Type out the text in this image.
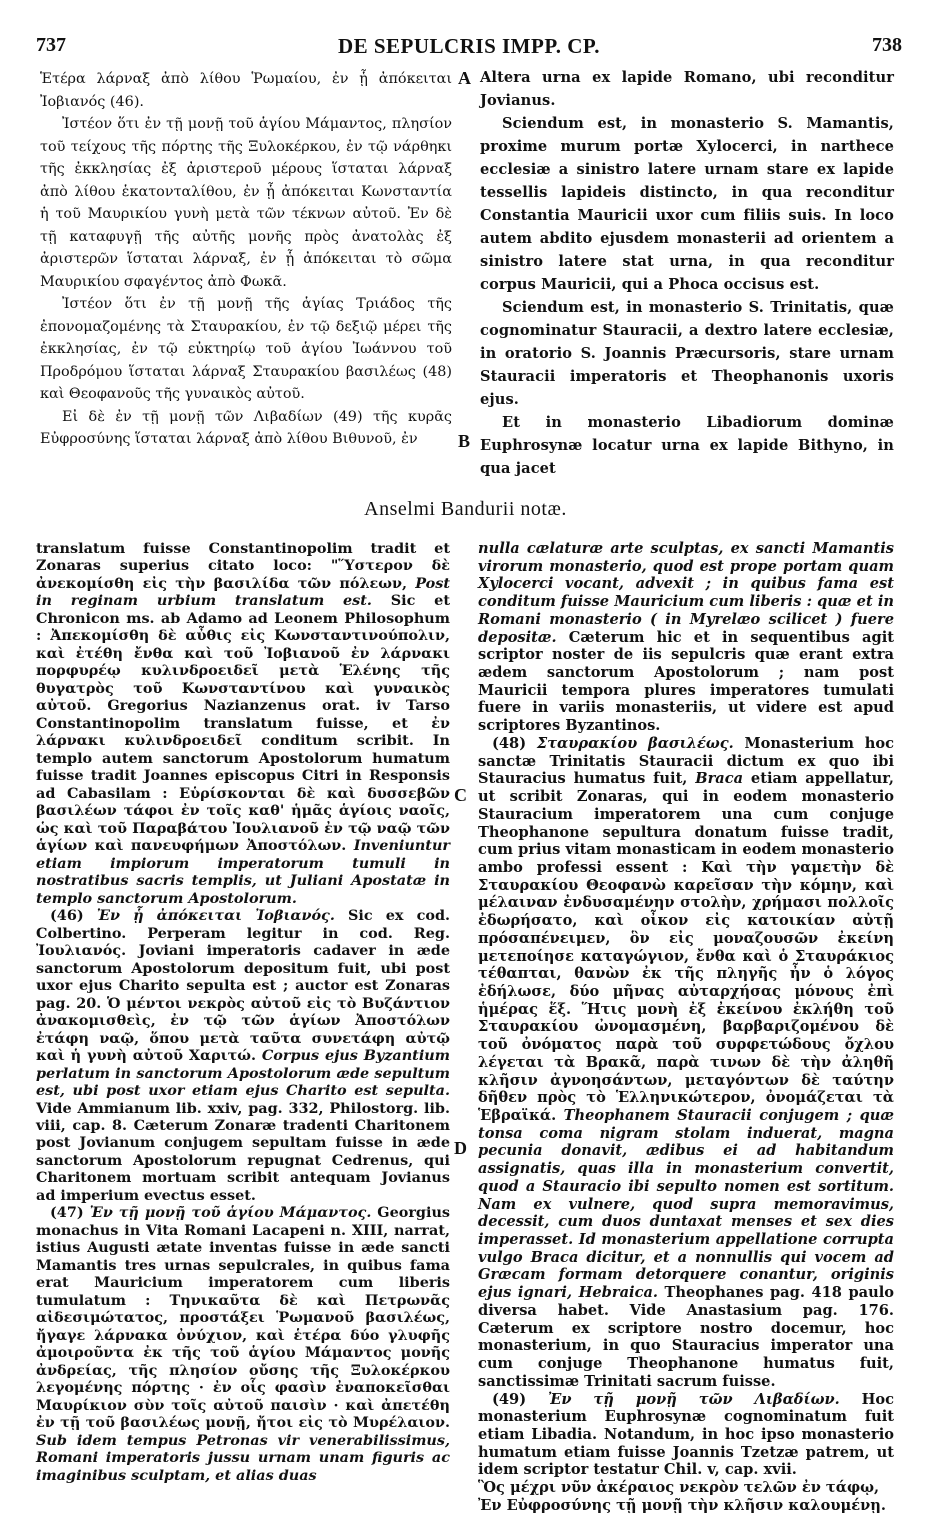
737	DE SEPULCRIS IMPP. CP.	738

Ἑτέρα λάρναξ ἀπὸ λίθου Ῥωμαίου, ἐν ᾗ ἀπόκειται Ἰοβιανός (46).

Ἰστέον ὅτι ἐν τῇ μονῇ τοῦ ἁγίου Μάμαντος, πλησίον τοῦ τείχους τῆς πόρτης τῆς Ξυλοκέρκου, ἐν τῷ νάρθηκι τῆς ἐκκλησίας ἐξ ἀριστεροῦ μέρους ἵσταται λάρναξ ἀπὸ λίθου ἑκατονταλίθου, ἐν ᾗ ἀπόκειται Κωνσταντία ἡ τοῦ Μαυρικίου γυνὴ μετὰ τῶν τέκνων αὐτοῦ. Ἐν δὲ τῇ καταφυγῇ τῆς αὐτῆς μονῆς πρὸς ἀνατολὰς ἐξ ἀριστερῶν ἵσταται λάρναξ, ἐν ᾗ ἀπόκειται τὸ σῶμα Μαυρικίου σφαγέντος ἀπὸ Φωκᾶ.

Ἰστέον ὅτι ἐν τῇ μονῇ τῆς ἁγίας Τριάδος τῆς ἐπονομαζομένης τὰ Σταυρακίου, ἐν τῷ δεξιῷ μέρει τῆς ἐκκλησίας, ἐν τῷ εὐκτηρίῳ τοῦ ἁγίου Ἰωάννου τοῦ Προδρόμου ἵσταται λάρναξ Σταυρακίου βασιλέως (48) καὶ Θεοφανοῦς τῆς γυναικὸς αὐτοῦ.

Εἰ δὲ ἐν τῇ μονῇ τῶν Λιβαδίων (49) τῆς κυρᾶς Εὐφροσύνης ἵσταται λάρναξ ἀπὸ λίθου Βιθυνοῦ, ἐν

Altera urna ex lapide Romano, ubi reconditur Jovianus.

Sciendum est, in monasterio S. Mamantis, proxime murum portæ Xylocerci, in narthece ecclesiæ a sinistro latere urnam stare ex lapide tessellis lapideis distincto, in qua reconditur Constantia Mauricii uxor cum filiis suis. In loco autem abdito ejusdem monasterii ad orientem a sinistro latere stat urna, in qua reconditur corpus Mauricii, qui a Phoca occisus est.

Sciendum est, in monasterio S. Trinitatis, quæ cognominatur Stauracii, a dextro latere ecclesiæ, in oratorio S. Joannis Præcursoris, stare urnam Stauracii imperatoris et Theophanonis uxoris ejus.

Et in monasterio Libadiorum dominæ Euphrosynæ locatur urna ex lapide Bithyno, in qua jacet

A
B
C
D
Anselmi Bandurii notæ.

translatum fuisse Constantinopolim tradit et Zonaras superius citato loco: "Ὕστερον δὲ ἀνεκομίσθη εἰς τὴν βασιλίδα τῶν πόλεων, Post in reginam urbium translatum est. Sic et Chronicon ms. ab Adamo ad Leonem Philosophum : Ἀπεκομίσθη δὲ αὖθις εἰς Κωνσταντινούπολιν, καὶ ἐτέθη ἔνθα καὶ τοῦ Ἰοβιανοῦ ἐν λάρνακι πορφυρέῳ κυλινδροειδεῖ μετὰ Ἑλένης τῆς θυγατρὸς τοῦ Κωνσταντίνου καὶ γυναικὸς αὐτοῦ. Gregorius Nazianzenus orat. iv Tarso Constantinopolim translatum fuisse, et ἐν λάρνακι κυλινδροειδεῖ conditum scribit. In templo autem sanctorum Apostolorum humatum fuisse tradit Joannes episcopus Citri in Responsis ad Cabasilam : Εὑρίσκονται δὲ καὶ δυσσεβῶν βασιλέων τάφοι ἐν τοῖς καθ' ἡμᾶς ἁγίοις ναοῖς, ὡς καὶ τοῦ Παραβάτου Ἰουλιανοῦ ἐν τῷ ναῷ τῶν ἁγίων καὶ πανευφήμων Ἀποστόλων. Inveniuntur etiam impiorum imperatorum tumuli in nostratibus sacris templis, ut Juliani Apostatæ in templo sanctorum Apostolorum.

(46) Ἐν ᾗ ἀπόκειται Ἰοβιανός. Sic ex cod. Colbertino. Perperam legitur in cod. Reg. Ἰουλιανός. Joviani imperatoris cadaver in æde sanctorum Apostolorum depositum fuit, ubi post uxor ejus Charito sepulta est ; auctor est Zonaras pag. 20. Ὁ μέντοι νεκρὸς αὐτοῦ εἰς τὸ Βυζάντιον ἀνακομισθεὶς, ἐν τῷ τῶν ἁγίων Ἀποστόλων ἐτάφη ναῷ, ὅπου μετὰ ταῦτα συνετάφη αὐτῷ καὶ ἡ γυνὴ αὐτοῦ Χαριτώ. Corpus ejus Byzantium perlatum in sanctorum Apostolorum æde sepultum est, ubi post uxor etiam ejus Charito est sepulta. Vide Ammianum lib. xxiv, pag. 332, Philostorg. lib. viii, cap. 8. Cæterum Zonaræ tradenti Charitonem post Jovianum conjugem sepultam fuisse in æde sanctorum Apostolorum repugnat Cedrenus, qui Charitonem mortuam scribit antequam Jovianus ad imperium evectus esset.

(47) Ἐν τῇ μονῇ τοῦ ἁγίου Μάμαντος. Georgius monachus in Vita Romani Lacapeni n. XIII, narrat, istius Augusti ætate inventas fuisse in æde sancti Mamantis tres urnas sepulcrales, in quibus fama erat Mauricium imperatorem cum liberis tumulatum : Τηνικαῦτα δὲ καὶ Πετρωνᾶς αἰδεσιμώτατος, προστάξει Ῥωμανοῦ βασιλέως, ἤγαγε λάρνακα ὀνύχιον, καὶ ἑτέρα δύο γλυφῆς ἀμοιροῦντα ἐκ τῆς τοῦ ἁγίου Μάμαντος μονῆς ἀνδρείας, τῆς πλησίον οὔσης τῆς Ξυλοκέρκου λεγομένης πόρτης · ἐν οἷς φασὶν ἐναποκεῖσθαι Μαυρίκιον σὺν τοῖς αὐτοῦ παισὶν · καὶ ἀπετέθη ἐν τῇ τοῦ βασιλέως μονῇ, ἤτοι εἰς τὸ Μυρέλαιον. Sub idem tempus Petronas vir venerabilissimus, Romani imperatoris jussu urnam unam figuris ac imaginibus sculptam, et alias duas

nulla cælaturæ arte sculptas, ex sancti Mamantis virorum monasterio, quod est prope portam quam Xylocerci vocant, advexit ; in quibus fama est conditum fuisse Mauricium cum liberis : quæ et in Romani monasterio ( in Myrelæo scilicet ) fuere depositæ. Cæterum hic et in sequentibus agit scriptor noster de iis sepulcris quæ erant extra ædem sanctorum Apostolorum ; nam post Mauricii tempora plures imperatores tumulati fuere in variis monasteriis, ut videre est apud scriptores Byzantinos.

(48) Σταυρακίου βασιλέως. Monasterium hoc sanctæ Trinitatis Stauracii dictum ex quo ibi Stauracius humatus fuit, Braca etiam appellatur, ut scribit Zonaras, qui in eodem monasterio Stauracium imperatorem una cum conjuge Theophanone sepultura donatum fuisse tradit, cum prius vitam monasticam in eodem monasterio ambo professi essent : Καὶ τὴν γαμετὴν δὲ Σταυρακίου Θεοφανὼ καρεῖσαν τὴν κόμην, καὶ μέλαιναν ἐνδυσαμένην στολὴν, χρήμασι πολλοῖς ἐδωρήσατο, καὶ οἶκον εἰς κατοικίαν αὐτῇ πρόσαπένειμεν, ὃν εἰς μοναζουσῶν ἐκείνη μετεποίησε καταγώγιον, ἔνθα καὶ ὁ Σταυράκιος τέθαπται, θανὼν ἐκ τῆς πληγῆς ἦν ὁ λόγος ἐδήλωσε, δύο μῆνας αὐταρχήσας μόνους ἐπὶ ἡμέρας ἕξ. Ἥτις μονὴ ἐξ ἐκείνου ἐκλήθη τοῦ Σταυρακίου ὠνομασμένη, βαρβαριζομένου δὲ τοῦ ὀνόματος παρὰ τοῦ συρφετώδους ὄχλου λέγεται τὰ Βρακᾶ, παρὰ τινων δὲ τὴν ἀληθῆ κλῆσιν ἀγνοησάντων, μεταγόντων δὲ ταύτην δῆθεν πρὸς τὸ Ἑλληνικώτερον, ὀνομάζεται τὰ Ἑβραϊκά. Theophanem Stauracii conjugem ; quæ tonsa coma nigram stolam induerat, magna pecunia donavit, ædibus ei ad habitandum assignatis, quas illa in monasterium convertit, quod a Stauracio ibi sepulto nomen est sortitum. Nam ex vulnere, quod supra memoravimus, decessit, cum duos duntaxat menses et sex dies imperasset. Id monasterium appellatione corrupta vulgo Braca dicitur, et a nonnullis qui vocem ad Græcam formam detorquere conantur, originis ejus ignari, Hebraica. Theophanes pag. 418 paulo diversa habet. Vide Anastasium pag. 176. Cæterum ex scriptore nostro docemur, hoc monasterium, in quo Stauracius imperator una cum conjuge Theophanone humatus fuit, sanctissimæ Trinitati sacrum fuisse.

(49) Ἐν τῇ μονῇ τῶν Λιβαδίων. Hoc monasterium Euphrosynæ cognominatum fuit etiam Libadia. Notandum, in hoc ipso monasterio humatum etiam fuisse Joannis Tzetzæ patrem, ut idem scriptor testatur Chil. v, cap. xvii.

Ὃς μέχρι νῦν ἀκέραιος νεκρὸν τελῶν ἐν τάφῳ,

Ἐν Εὐφροσύνης τῇ μονῇ τὴν κλῆσιν καλουμένῃ.
